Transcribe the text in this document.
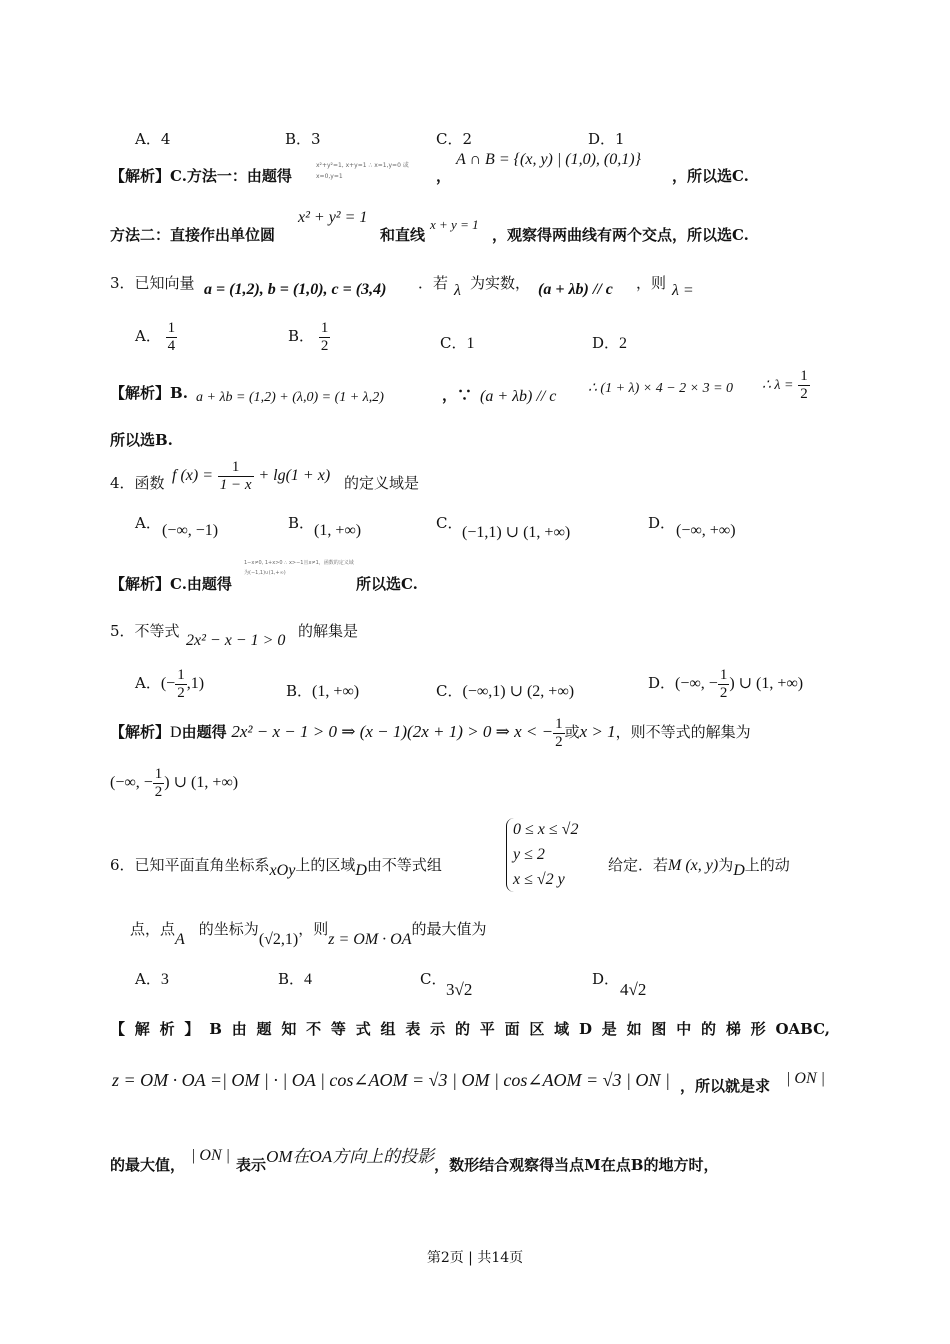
A．4	B．3	C．2	D．1
【解析】C.方法一：由题得
x²+y²=1, x+y=1 ∴ x=1,y=0 或 x=0,y=1	，
A ∩ B = {(x, y) | (1,0), (0,1)}
，所以选C.
方法二：直接作出单位圆
x² + y² = 1
和直线
x + y = 1
，观察得两曲线有两个交点，所以选C.
3．已知向量 a = (1,2), b = (1,0), c = (3,4) ．若 λ 为实数， (a + λb) // c ，则 λ =
A． $\frac{1}{4}$	B． $\frac{1}{2}$	C．1	D．2
【解析】B. a + λb = (1,2) + (λ,0) = (1 + λ,2)	，∵ (a + λb) // c ∴ (1 + λ) × 4 − 2 × 3 = 0 ∴ $\lambda = \frac{1}{2}$
所以选B.
4．函数 f $(x) = \frac{1}{1 - x} + \lg(1 + x)$ 的定义域是
A． (−∞, −1)	B． (1, +∞)	C．
(−1,1) ∪ (1, +∞)
D． (−∞, +∞)
【解析】C.由题得
1−x≠0, 1+x>0 ∴ x>−1且x≠1，函数的定义域为(−1,1)∪(1,+∞)
所以选C.
5．不等式
2x² − x − 1 > 0
的解集是
A．(− $\frac{1}{2} ,1$)	B．(1, +∞)	C．(−∞,1) ∪ (2, +∞)	D．(−∞, − $\frac{1}{2}$ ) ∪ (1, +∞)
【解析】D由题得 2x² − x − 1 > 0 ⇒ (x − 1)(2x + 1) > 0 ⇒ x < − $\frac{1}{2}$ 或x > 1，则不等式的解集为
(−∞, − $\frac{1}{2}$ ) ∪ (1, +∞)
6．已知平面直角坐标系xOy上的区域D由不等式组
0 ≤ x ≤ √2
y ≤ 2
x ≤ √2 y
给定．若M (x, y)为D上的动
点，点A的坐标为(√2,1)，则z = OM · OA的最大值为
A．3	B．4	C．
3√2
D．
4√2
【解析】B由题知不等式组表示的平面区域D是如图中的梯形OABC,
z = OM · OA =| OM | · | OA | cos∠AOM = √3 | OM | cos∠AOM = √3 | ON | ，所以就是求 | ON |
的最大值，| ON |表示OM在OA方向上的投影，数形结合观察得当点M在点B的地方时，
第2页 | 共14页
